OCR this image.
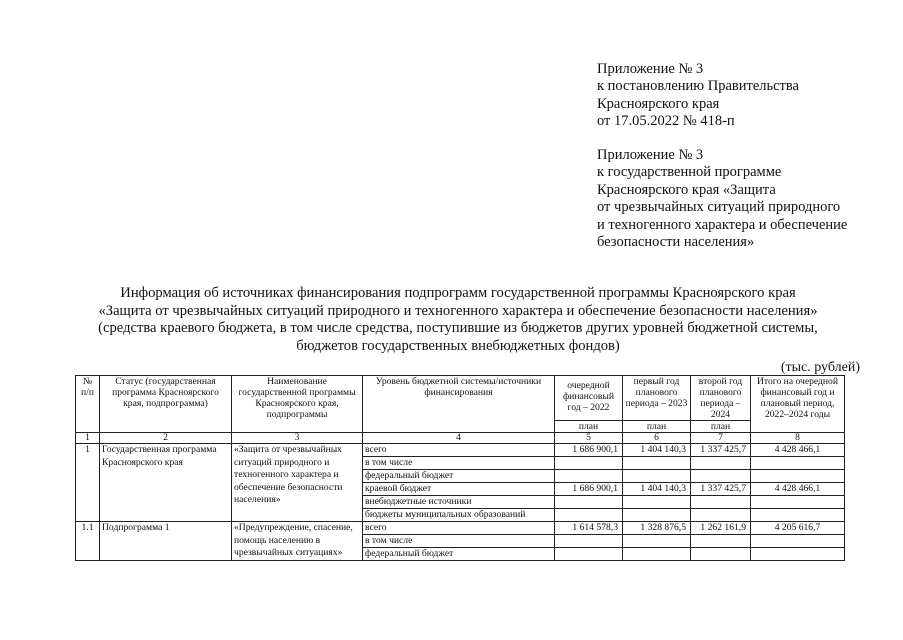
Приложение № 3
к постановлению Правительства
Красноярского края
от 17.05.2022 № 418-п
Приложение № 3
к государственной программе
Красноярского края «Защита
от чрезвычайных ситуаций природного
и техногенного характера и обеспечение
безопасности населения»
Информация об источниках финансирования подпрограмм государственной программы Красноярского края
«Защита от чрезвычайных ситуаций природного и техногенного характера и обеспечение безопасности населения»
(средства краевого бюджета, в том числе средства, поступившие из бюджетов других уровней бюджетной системы,
бюджетов государственных внебюджетных фондов)
(тыс. рублей)
№ п/п	Статус (государственная программа Красноярского края, подпрограмма)	Наименование государственной программы Красноярского края, подпрограммы	Уровень бюджетной системы/источники финансирования	очередной финансовый год – 2022	первый год планового периода – 2023	второй год планового периода – 2024	Итого на очередной финансовый год и плановый период, 2022–2024 годы

				план	план	план	
1	2	3	4	5	6	7	8
1	Государственная программа Красноярского края	«Защита от чрезвычайных ситуаций природного и техногенного характера и обеспечение безопасности населения»	всего	1 686 900,1	1 404 140,3	1 337 425,7	4 428 466,1
			в том числе				
			федеральный бюджет				
			краевой бюджет	1 686 900,1	1 404 140,3	1 337 425,7	4 428 466,1
			внебюджетные источники				
			бюджеты муниципальных образований				
1.1	Подпрограмма 1	«Предупреждение, спасение, помощь населению в чрезвычайных ситуациях»	всего	1 614 578,3	1 328 876,5	1 262 161,9	4 205 616,7
			в том числе				
			федеральный бюджет				
